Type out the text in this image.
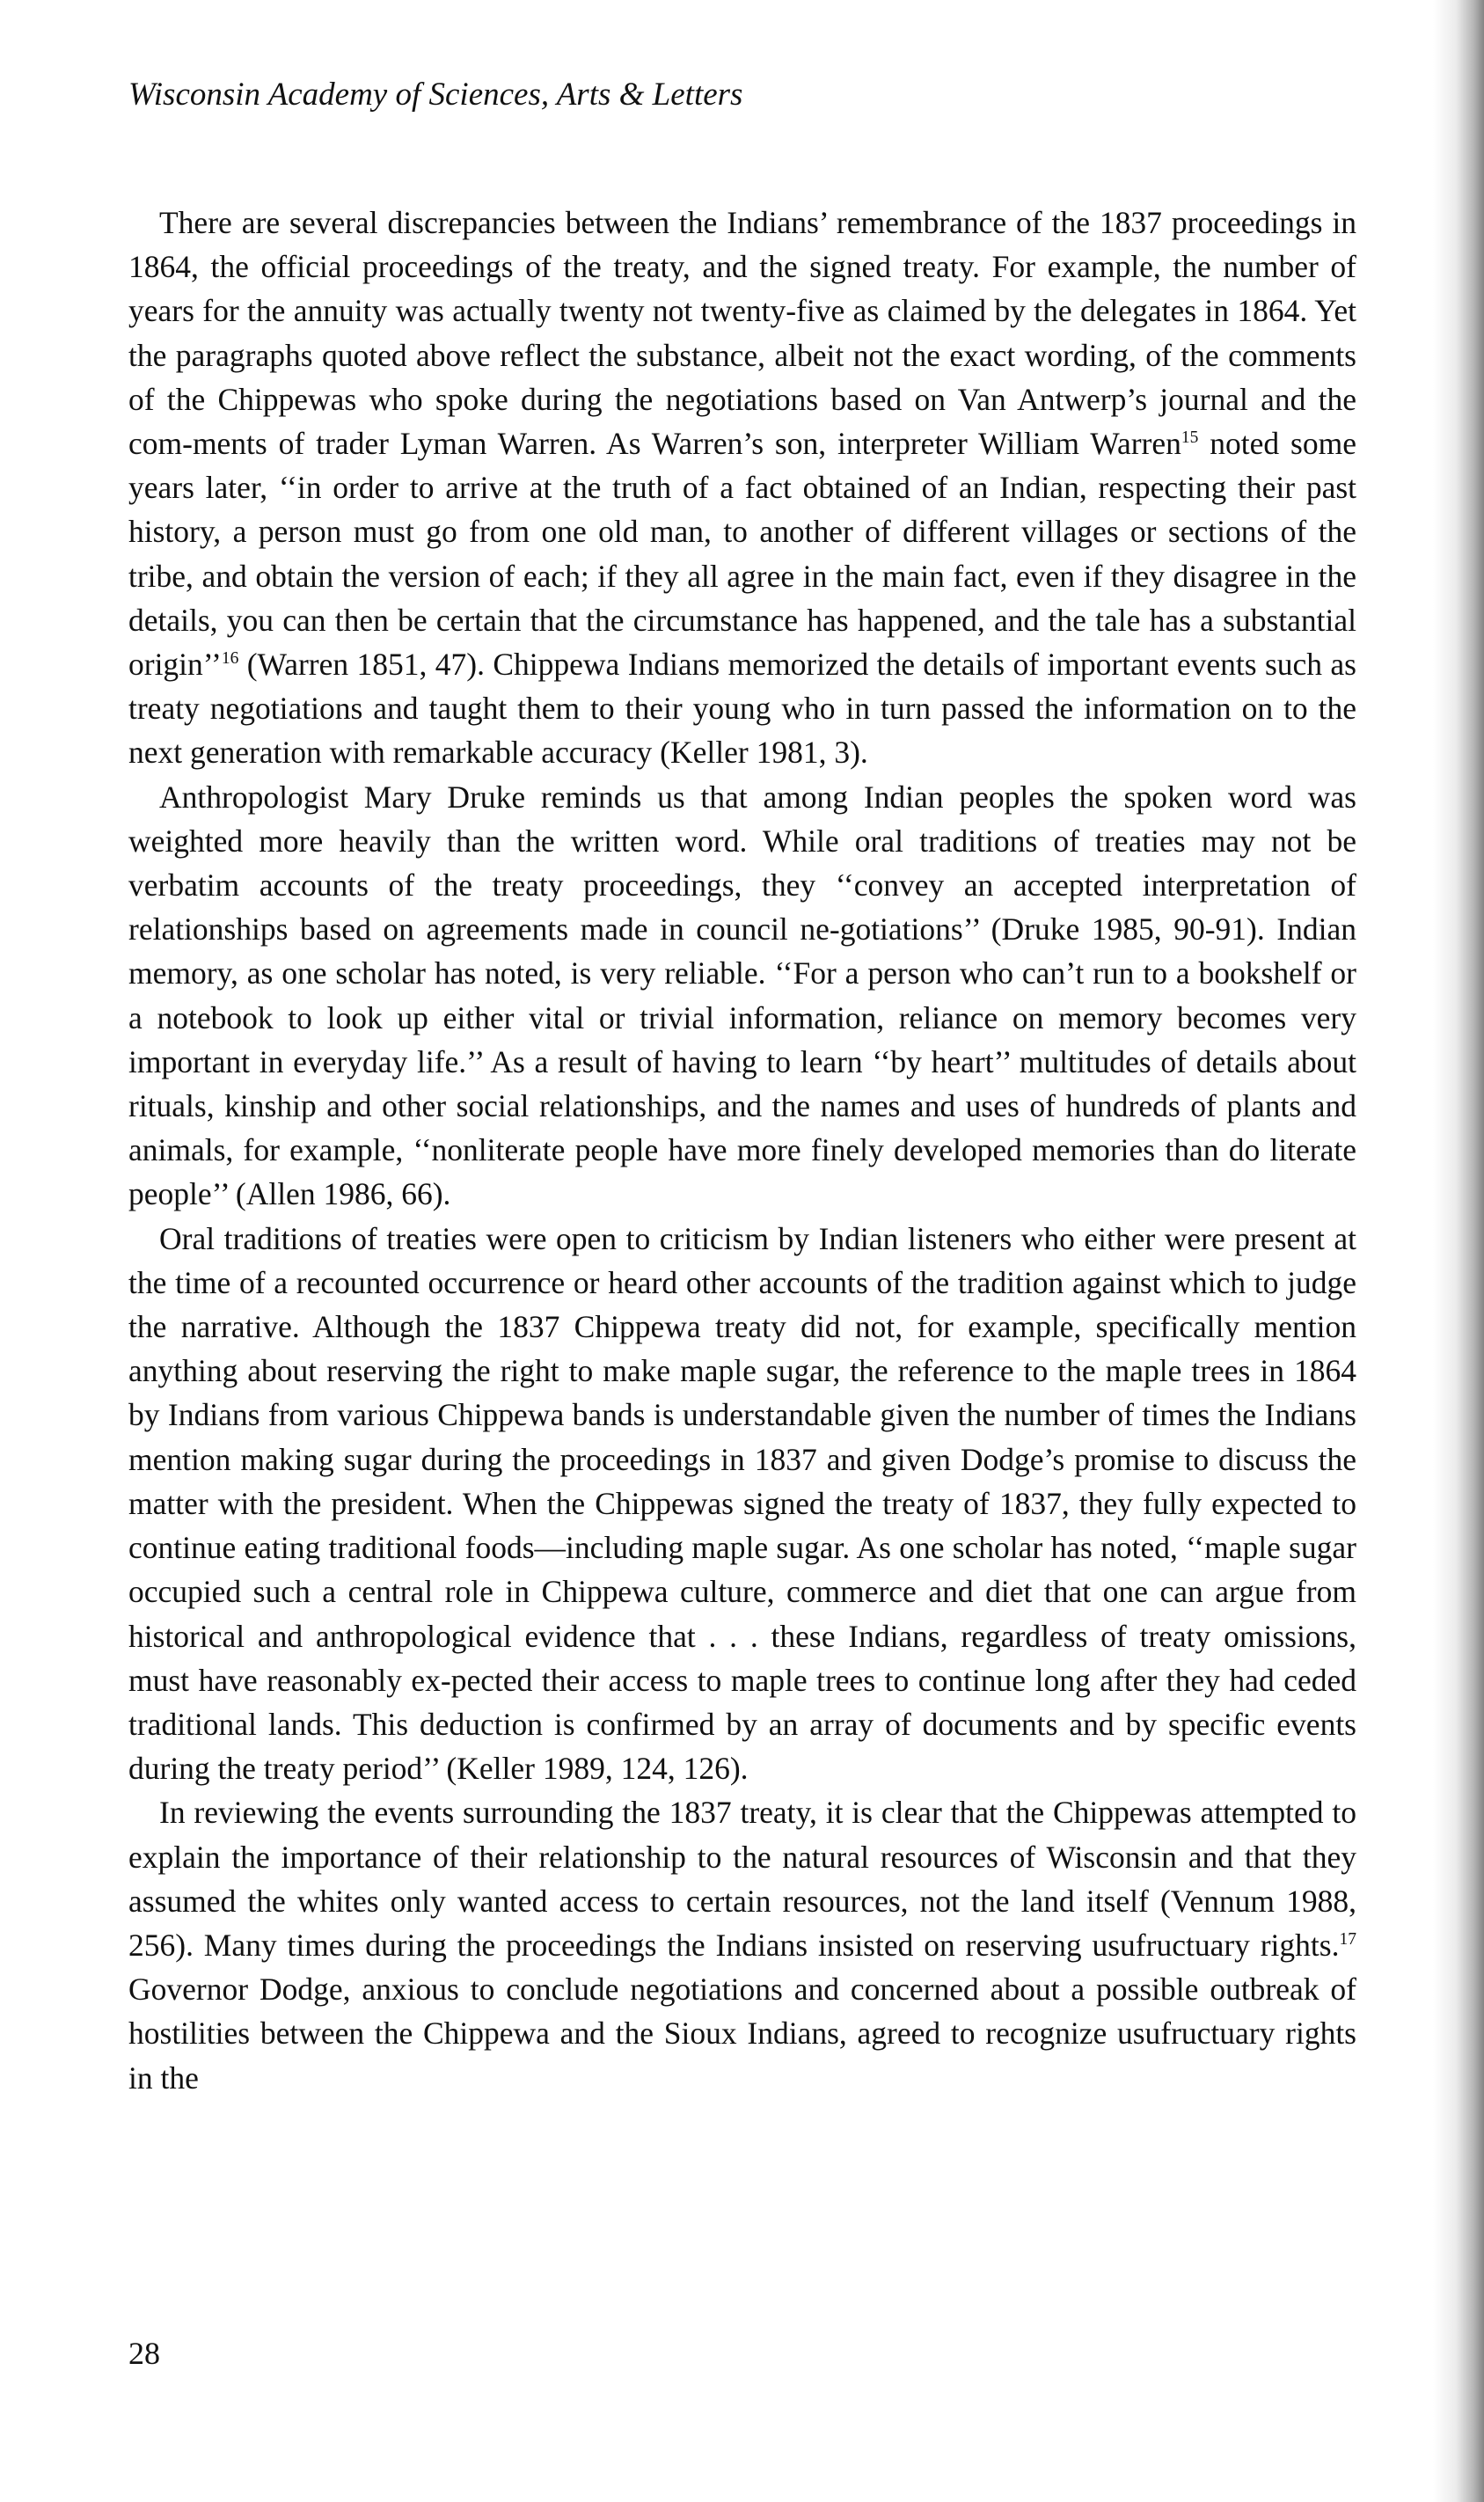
Wisconsin Academy of Sciences, Arts & Letters

There are several discrepancies between the Indians’ remembrance of the 1837 proceedings in 1864, the official proceedings of the treaty, and the signed treaty. For example, the number of years for the annuity was actually twenty not twenty-five as claimed by the delegates in 1864. Yet the paragraphs quoted above reflect the substance, albeit not the exact wording, of the comments of the Chippewas who spoke during the negotiations based on Van Antwerp’s journal and the com-ments of trader Lyman Warren. As Warren’s son, interpreter William Warren$^{15}$ noted some years later, ‘‘in order to arrive at the truth of a fact obtained of an Indian, respecting their past history, a person must go from one old man, to another of different villages or sections of the tribe, and obtain the version of each; if they all agree in the main fact, even if they disagree in the details, you can then be certain that the circumstance has happened, and the tale has a substantial origin’’$^{16}$ (Warren 1851, 47). Chippewa Indians memorized the details of important events such as treaty negotiations and taught them to their young who in turn passed the information on to the next generation with remarkable accuracy (Keller 1981, 3).

Anthropologist Mary Druke reminds us that among Indian peoples the spoken word was weighted more heavily than the written word. While oral traditions of treaties may not be verbatim accounts of the treaty proceedings, they ‘‘convey an accepted interpretation of relationships based on agreements made in council ne-gotiations’’ (Druke 1985, 90-91). Indian memory, as one scholar has noted, is very reliable. ‘‘For a person who can’t run to a bookshelf or a notebook to look up either vital or trivial information, reliance on memory becomes very important in everyday life.’’ As a result of having to learn ‘‘by heart’’ multitudes of details about rituals, kinship and other social relationships, and the names and uses of hundreds of plants and animals, for example, ‘‘nonliterate people have more finely developed memories than do literate people’’ (Allen 1986, 66).

Oral traditions of treaties were open to criticism by Indian listeners who either were present at the time of a recounted occurrence or heard other accounts of the tradition against which to judge the narrative. Although the 1837 Chippewa treaty did not, for example, specifically mention anything about reserving the right to make maple sugar, the reference to the maple trees in 1864 by Indians from various Chippewa bands is understandable given the number of times the Indians mention making sugar during the proceedings in 1837 and given Dodge’s promise to discuss the matter with the president. When the Chippewas signed the treaty of 1837, they fully expected to continue eating traditional foods—including maple sugar. As one scholar has noted, ‘‘maple sugar occupied such a central role in Chippewa culture, commerce and diet that one can argue from historical and anthropological evidence that . . . these Indians, regardless of treaty omissions, must have reasonably ex-pected their access to maple trees to continue long after they had ceded traditional lands. This deduction is confirmed by an array of documents and by specific events during the treaty period’’ (Keller 1989, 124, 126).

In reviewing the events surrounding the 1837 treaty, it is clear that the Chippewas attempted to explain the importance of their relationship to the natural resources of Wisconsin and that they assumed the whites only wanted access to certain resources, not the land itself (Vennum 1988, 256). Many times during the proceedings the Indians insisted on reserving usufructuary rights.$^{17}$ Governor Dodge, anxious to conclude negotiations and concerned about a possible outbreak of hostilities between the Chippewa and the Sioux Indians, agreed to recognize usufructuary rights in the

28
